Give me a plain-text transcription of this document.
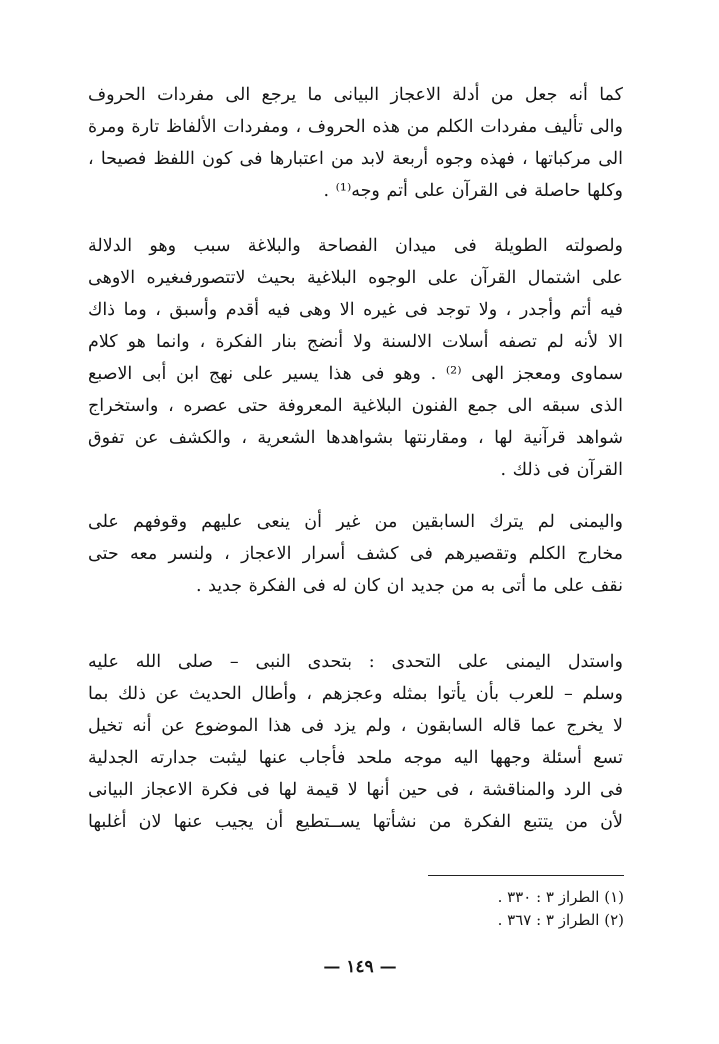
كما أنه جعل من أدلة الاعجاز البيانى ما يرجع الى مفردات الحروف
والى تأليف مفردات الكلم من هذه الحروف ، ومفردات الألفاظ تارة ومرة
الى مركباتها ، فهذه وجوه أربعة لابد من اعتبارها فى كون اللفظ فصيحا ،
وكلها حاصلة فى القرآن على أتم وجه⁽¹⁾ .
ولصولته الطويلة فى ميدان الفصاحة والبلاغة سبب وهو الدلالة
على اشتمال القرآن على الوجوه البلاغية بحيث لاتتصورفىغيره الاوهى
فيه أتم وأجدر ، ولا توجد فى غيره الا وهى فيه أقدم وأسبق ، وما ذاك
الا لأنه لم تصفه أسلات الالسنة ولا أنضج بنار الفكرة ، وانما هو كلام
سماوى ومعجز الهى ⁽²⁾ . وهو فى هذا يسير على نهج ابن أبى الاصبع
الذى سبقه الى جمع الفنون البلاغية المعروفة حتى عصره ، واستخراج
شواهد قرآنية لها ، ومقارنتها بشواهدها الشعرية ، والكشف عن تفوق
القرآن فى ذلك .
واليمنى لم يترك السابقين من غير أن ينعى عليهم وقوفهم على
مخارج الكلم وتقصيرهم فى كشف أسرار الاعجاز ، ولنسر معه حتى
نقف على ما أتى به من جديد ان كان له فى الفكرة جديد .
واستدل اليمنى على التحدى : بتحدى النبى – صلى الله عليه
وسلم – للعرب بأن يأتوا بمثله وعجزهم ، وأطال الحديث عن ذلك بما
لا يخرج عما قاله السابقون ، ولم يزد فى هذا الموضوع عن أنه تخيل
تسع أسئلة وجهها اليه موجه ملحد فأجاب عنها ليثبت جدارته الجدلية
فى الرد والمناقشة ، فى حين أنها لا قيمة لها فى فكرة الاعجاز البيانى
لأن من يتتبع الفكرة من نشأتها يســتطيع أن يجيب عنها لان أغلبها
(١) الطراز ٣ : ٣٣٠ .
(٢) الطراز ٣ : ٣٦٧ .
— ١٤٩ —
